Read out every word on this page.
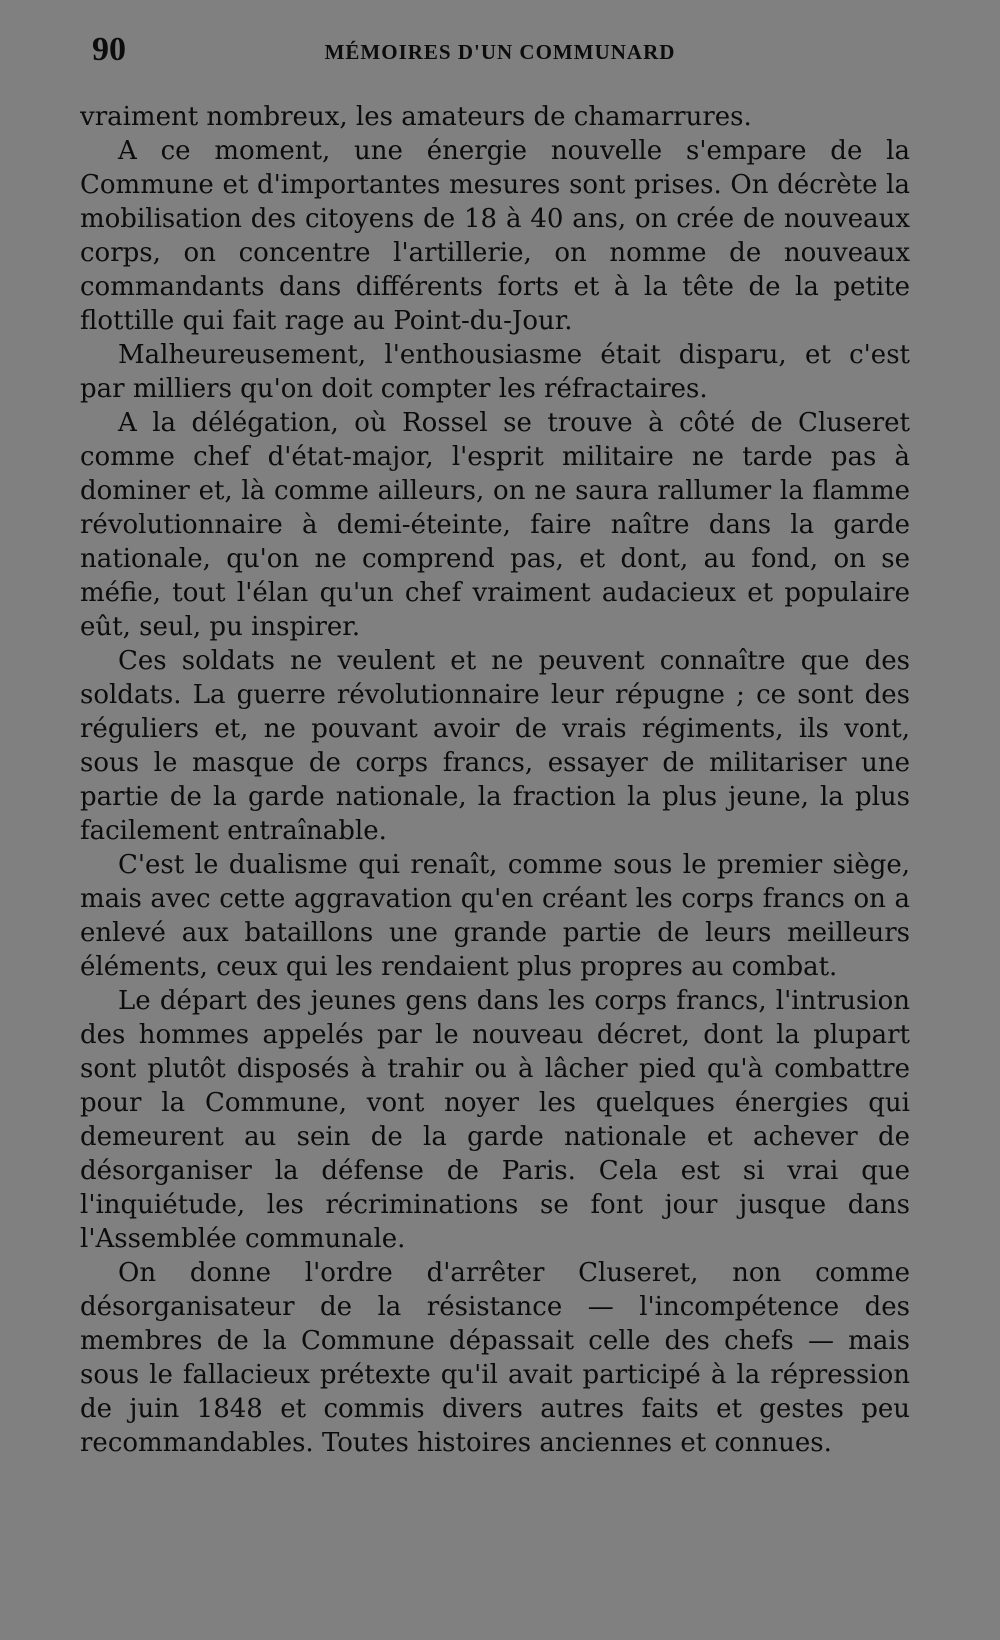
90	MÉMOIRES D'UN COMMUNARD

vraiment nombreux, les amateurs de chamarrures.

A ce moment, une énergie nouvelle s'empare de la Commune et d'importantes mesures sont prises. On décrète la mobilisation des citoyens de 18 à 40 ans, on crée de nouveaux corps, on concentre l'artillerie, on nomme de nouveaux commandants dans différents forts et à la tête de la petite flottille qui fait rage au Point-du-Jour.

Malheureusement, l'enthousiasme était disparu, et c'est par milliers qu'on doit compter les réfractaires.

A la délégation, où Rossel se trouve à côté de Cluseret comme chef d'état-major, l'esprit militaire ne tarde pas à dominer et, là comme ailleurs, on ne saura rallumer la flamme révolutionnaire à demi-éteinte, faire naître dans la garde nationale, qu'on ne comprend pas, et dont, au fond, on se méfie, tout l'élan qu'un chef vraiment audacieux et populaire eût, seul, pu inspirer.

Ces soldats ne veulent et ne peuvent connaître que des soldats. La guerre révolutionnaire leur répugne ; ce sont des réguliers et, ne pouvant avoir de vrais régiments, ils vont, sous le masque de corps francs, essayer de militariser une partie de la garde nationale, la fraction la plus jeune, la plus facilement entraînable.

C'est le dualisme qui renaît, comme sous le premier siège, mais avec cette aggravation qu'en créant les corps francs on a enlevé aux bataillons une grande partie de leurs meilleurs éléments, ceux qui les rendaient plus propres au combat.

Le départ des jeunes gens dans les corps francs, l'intrusion des hommes appelés par le nouveau décret, dont la plupart sont plutôt disposés à trahir ou à lâcher pied qu'à combattre pour la Commune, vont noyer les quelques énergies qui demeurent au sein de la garde nationale et achever de désorganiser la défense de Paris. Cela est si vrai que l'inquiétude, les récriminations se font jour jusque dans l'Assemblée communale.

On donne l'ordre d'arrêter Cluseret, non comme désorganisateur de la résistance — l'incompétence des membres de la Commune dépassait celle des chefs — mais sous le fallacieux prétexte qu'il avait participé à la répression de juin 1848 et commis divers autres faits et gestes peu recommandables. Toutes histoires anciennes et connues.
